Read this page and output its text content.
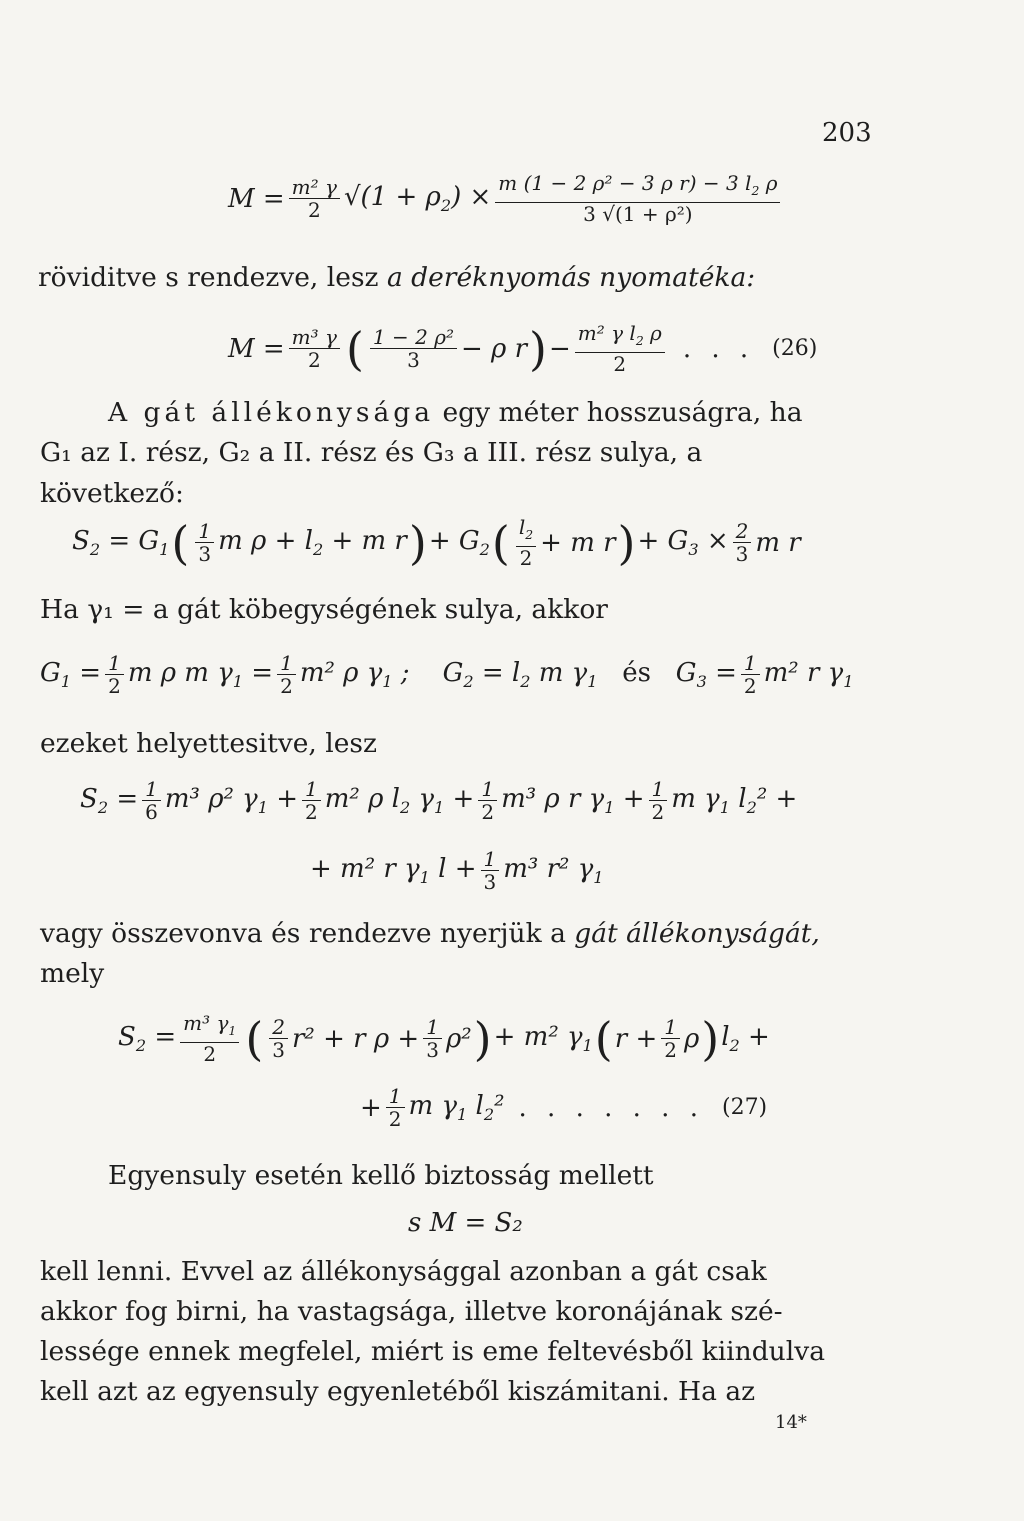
203
$M = \frac{\text{m² γ}}{2} √(1 + \rho_2) \times \frac{m (1 - 2 \rho^2 - 3 \rho r) - 3 l_2 \rho}{\text{3 √(1 + ρ²)}}$
röviditve s rendezve, lesz a deréknyomás nyomatéka:
$M = \frac{\text{m³ γ}}{2}$ ( $\frac{\text{1 − 2 ρ²}}{3} - \rho$ r ) − $\frac{m^2 \gamma l_2 \rho}{2}$ . . . (26)
A gát állékonysága egy méter hosszuságra, ha
G₁ az I. rész, G₂ a II. rész és G₃ a III. rész sulya, a
következő:
$S_2 = G_1$ ( $\frac{1}{3}$ m $\rho + l_2 + m$ r ) + $G_2$ ( $\frac{l_2}{2} + m$ r ) + $G_3 \times \frac{2}{3}$ m r
Ha γ₁ = a gát köbegységének sulya, akkor
$G_1 = \frac{1}{2}$ m ρ m $\gamma_1 = \frac{1}{2} m^2$ ρ $\gamma_1$ ;    $G_2 = l_2$ m $\gamma_1$ és   $G_3 = \frac{1}{2} m^2$ r $\gamma_1$
ezeket helyettesitve, lesz
$S_2 = \frac{1}{6} m^3$ ρ² $\gamma_1 + \frac{1}{2} m^2$ ρ $l_2$ $\gamma_1 + \frac{1}{2} m^3$ ρ r $\gamma_1 + \frac{1}{2}$ m $\gamma_1$ $l_2^2$ +
+ m² r $\gamma_1$ $l + \frac{1}{3} m^3$ r² $\gamma_1$
vagy összevonva és rendezve nyerjük a gát állékonyságát,
mely
$S_2 = \frac{m^3 \gamma_1}{2}$ ( $\frac{2}{3} r^2 + r$ $\rho + \frac{1}{3} \rho^2$ ) + m² $\gamma_1$ ( $r + \frac{1}{2}$ ρ ) $l_2$ +
+ $\frac{1}{2}$ m $\gamma_1$ $l_2^2$ . . . . . . . (27)
Egyensuly esetén kellő biztosság mellett
s M = S₂
kell lenni. Evvel az állékonysággal azonban a gát csak
akkor fog birni, ha vastagsága, illetve koronájának szé-
lessége ennek megfelel, miért is eme feltevésből kiindulva
kell azt az egyensuly egyenletéből kiszámitani. Ha az
14*
